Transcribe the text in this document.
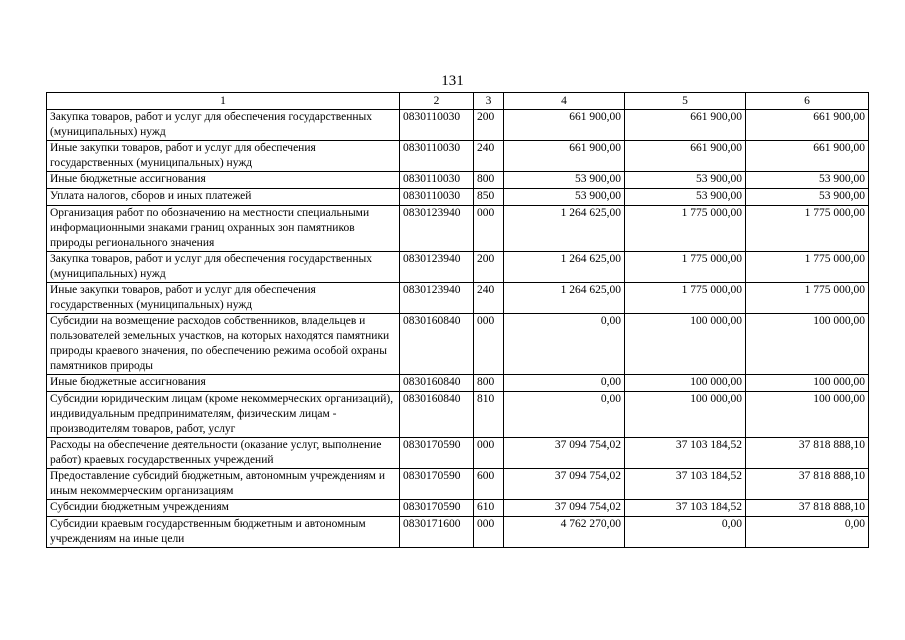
131
1	2	3	4	5	6
Закупка товаров, работ и услуг для обеспечения государственных (муниципальных) нужд	0830110030	200	661 900,00	661 900,00	661 900,00
Иные закупки товаров, работ и услуг для обеспечения государственных (муниципальных) нужд	0830110030	240	661 900,00	661 900,00	661 900,00
Иные бюджетные ассигнования	0830110030	800	53 900,00	53 900,00	53 900,00
Уплата налогов, сборов и иных платежей	0830110030	850	53 900,00	53 900,00	53 900,00
Организация работ по обозначению на местности специальными информационными знаками границ охранных зон памятников природы регионального значения	0830123940	000	1 264 625,00	1 775 000,00	1 775 000,00
Закупка товаров, работ и услуг для обеспечения государственных (муниципальных) нужд	0830123940	200	1 264 625,00	1 775 000,00	1 775 000,00
Иные закупки товаров, работ и услуг для обеспечения государственных (муниципальных) нужд	0830123940	240	1 264 625,00	1 775 000,00	1 775 000,00
Субсидии на возмещение расходов собственников, владельцев и пользователей земельных участков, на которых находятся памятники природы краевого значения, по обеспечению режима особой охраны памятников природы	0830160840	000	0,00	100 000,00	100 000,00
Иные бюджетные ассигнования	0830160840	800	0,00	100 000,00	100 000,00
Субсидии юридическим лицам (кроме некоммерческих организаций), индивидуальным предпринимателям, физическим лицам - производителям товаров, работ, услуг	0830160840	810	0,00	100 000,00	100 000,00
Расходы на обеспечение деятельности (оказание услуг, выполнение работ) краевых государственных учреждений	0830170590	000	37 094 754,02	37 103 184,52	37 818 888,10
Предоставление субсидий бюджетным, автономным учреждениям и иным некоммерческим организациям	0830170590	600	37 094 754,02	37 103 184,52	37 818 888,10
Субсидии бюджетным учреждениям	0830170590	610	37 094 754,02	37 103 184,52	37 818 888,10
Субсидии краевым государственным бюджетным и автономным учреждениям на иные цели	0830171600	000	4 762 270,00	0,00	0,00
